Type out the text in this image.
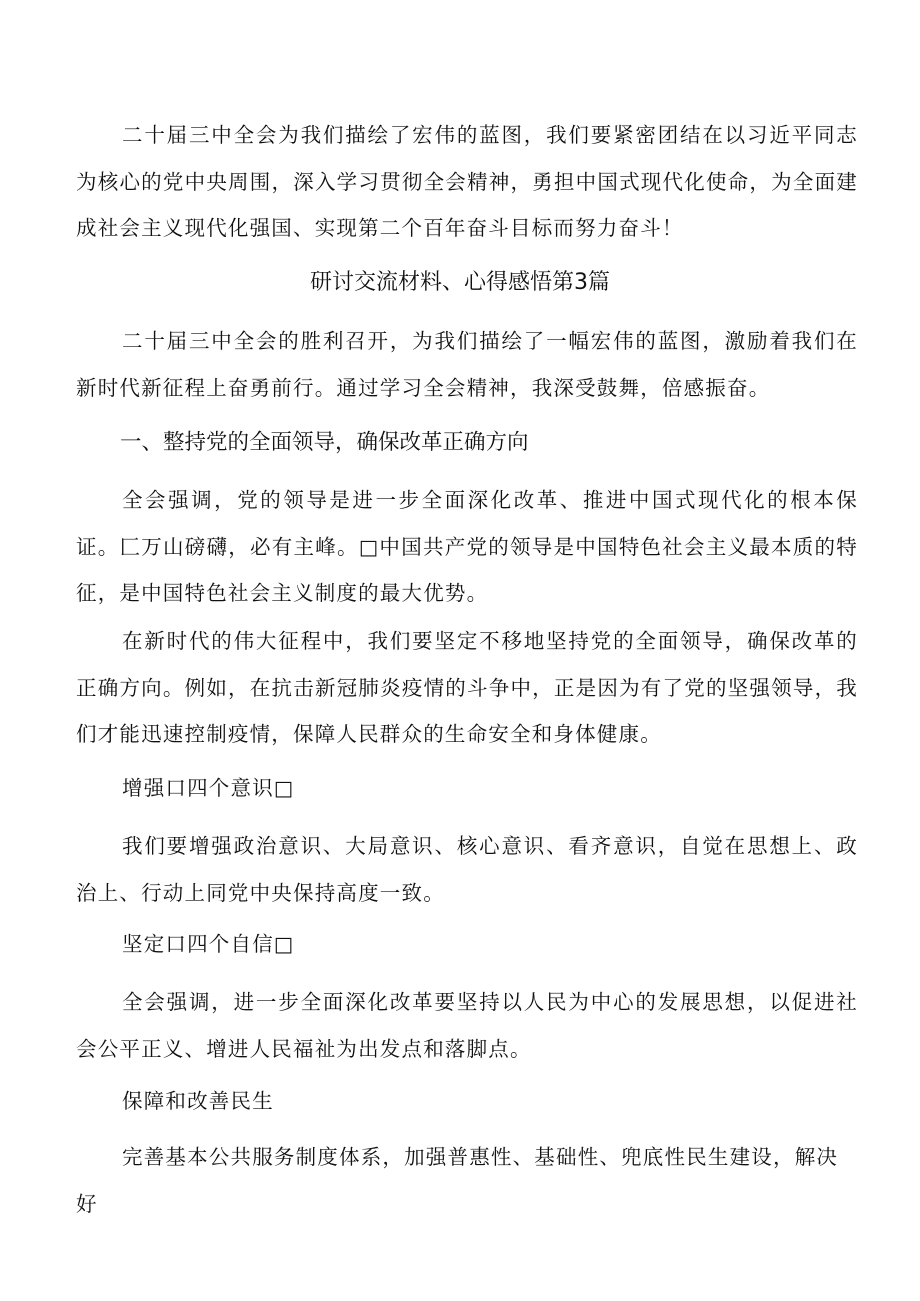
二十届三中全会为我们描绘了宏伟的蓝图，我们要紧密团结在以习近平同志为核心的党中央周围，深入学习贯彻全会精神，勇担中国式现代化使命，为全面建成社会主义现代化强国、实现第二个百年奋斗目标而努力奋斗！

研讨交流材料、心得感悟第3篇

二十届三中全会的胜利召开，为我们描绘了一幅宏伟的蓝图，激励着我们在新时代新征程上奋勇前行。通过学习全会精神，我深受鼓舞，倍感振奋。

一、整持党的全面领导，确保改革正确方向

全会强调，党的领导是进一步全面深化改革、推进中国式现代化的根本保证。匚万山磅礴，必有主峰。□中国共产党的领导是中国特色社会主义最本质的特征，是中国特色社会主义制度的最大优势。

在新时代的伟大征程中，我们要坚定不移地坚持党的全面领导，确保改革的正确方向。例如，在抗击新冠肺炎疫情的斗争中，正是因为有了党的坚强领导，我们才能迅速控制疫情，保障人民群众的生命安全和身体健康。

增强口四个意识□

我们要增强政治意识、大局意识、核心意识、看齐意识，自觉在思想上、政治上、行动上同党中央保持高度一致。

坚定口四个自信□

全会强调，进一步全面深化改革要坚持以人民为中心的发展思想，以促进社会公平正义、增进人民福祉为出发点和落脚点。

保障和改善民生

完善基本公共服务制度体系，加强普惠性、基础性、兜底性民生建设，解决好
